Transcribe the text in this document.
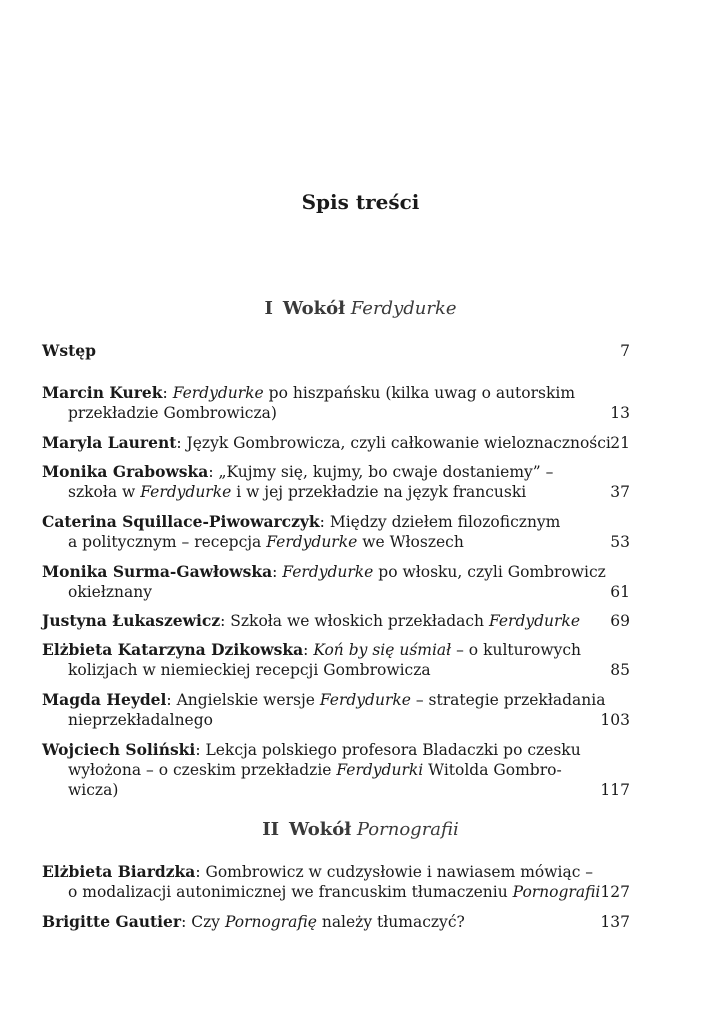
Spis treści
I Wokół Ferdydurke
Wstęp	7
Marcin Kurek: Ferdydurke po hiszpańsku (kilka uwag o autorskim
przekładzie Gombrowicza)	13
Maryla Laurent: Język Gombrowicza, czyli całkowanie wieloznaczności 21
Monika Grabowska: „Kujmy się, kujmy, bo cwaje dostaniemy” –
szkoła w Ferdydurke i w jej przekładzie na język francuski	37
Caterina Squillace-Piwowarczyk: Między dziełem filozoficznym
a politycznym – recepcja Ferdydurke we Włoszech	53
Monika Surma-Gawłowska: Ferdydurke po włosku, czyli Gombrowicz
okiełznany	61
Justyna Łukaszewicz: Szkoła we włoskich przekładach Ferdydurke	69
Elżbieta Katarzyna Dzikowska: Koń by się uśmiał – o kulturowych
kolizjach w niemieckiej recepcji Gombrowicza	85
Magda Heydel: Angielskie wersje Ferdydurke – strategie przekładania
nieprzekładalnego	103
Wojciech Soliński: Lekcja polskiego profesora Bladaczki po czesku
wyłożona – o czeskim przekładzie Ferdydurki Witolda Gombro-
wicza)	117
II Wokół Pornografii
Elżbieta Biardzka: Gombrowicz w cudzysłowie i nawiasem mówiąc –
o modalizacji autonimicznej we francuskim tłumaczeniu Pornografii 127
Brigitte Gautier: Czy Pornografię należy tłumaczyć?	137
